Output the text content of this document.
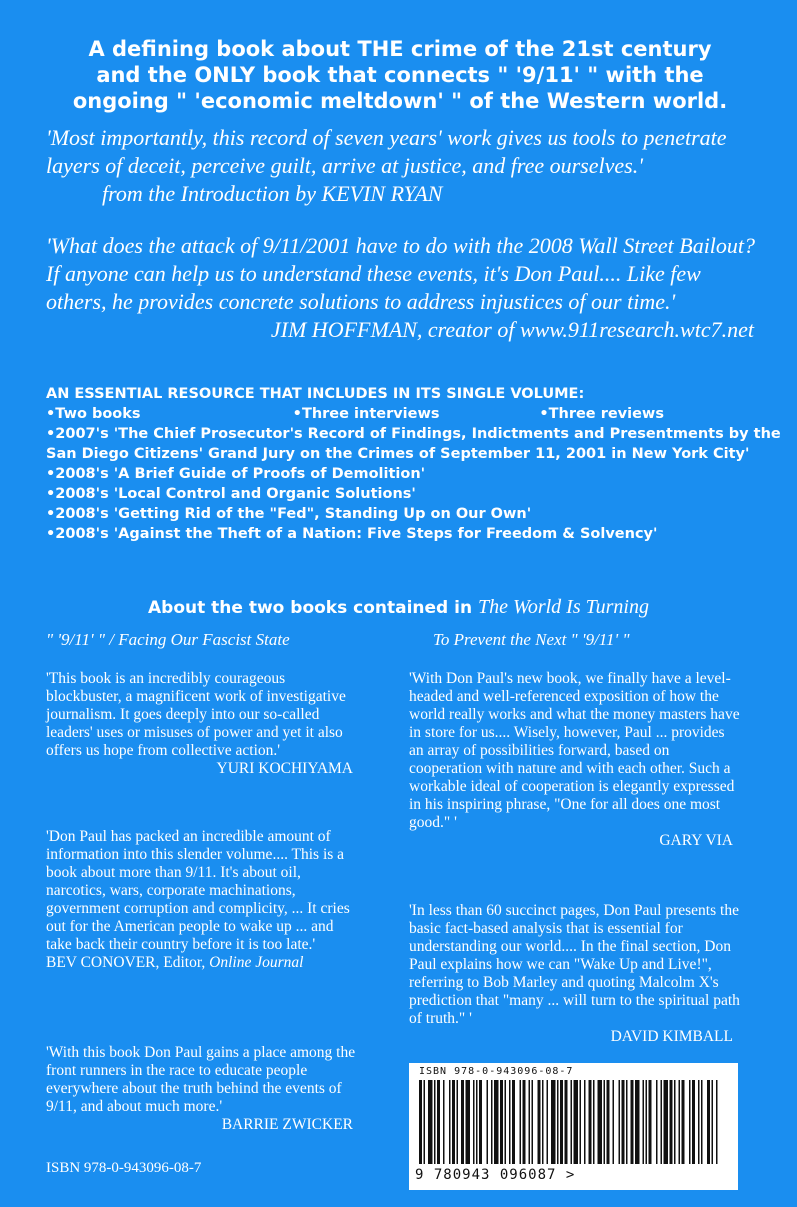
A defining book about THE crime of the 21st century
and the ONLY book that connects " '9/11' " with the
ongoing " 'economic meltdown' " of the Western world.
'Most importantly, this record of seven years' work gives us tools to penetrate layers of deceit, perceive guilt, arrive at justice, and free ourselves.'from the Introduction by KEVIN RYAN
'What does the attack of 9/11/2001 have to do with the 2008 Wall Street Bailout? If anyone can help us to understand these events, it's Don Paul.... Like few others, he provides concrete solutions to address injustices of our time.'
JIM HOFFMAN, creator of www.911research.wtc7.net
AN ESSENTIAL RESOURCE THAT INCLUDES IN ITS SINGLE VOLUME:
•Two books	•Three interviews	•Three reviews
•2007's 'The Chief Prosecutor's Record of Findings, Indictments and Presentments by the San Diego Citizens' Grand Jury on the Crimes of September 11, 2001 in New York City'
•2008's 'A Brief Guide of Proofs of Demolition'
•2008's 'Local Control and Organic Solutions'
•2008's 'Getting Rid of the "Fed", Standing Up on Our Own'
•2008's 'Against the Theft of a Nation: Five Steps for Freedom & Solvency'
About the two books contained in The World Is Turning
" '9/11' " / Facing Our Fascist State	To Prevent the Next " '9/11' "
'This book is an incredibly courageous blockbuster, a magnificent work of investigative journalism. It goes deeply into our so-called leaders' uses or misuses of power and yet it also offers us hope from collective action.'
YURI KOCHIYAMA
'Don Paul has packed an incredible amount of information into this slender volume.... This is a book about more than 9/11. It's about oil, narcotics, wars, corporate machinations, government corruption and complicity, ... It cries out for the American people to wake up ... and take back their country before it is too late.'
BEV CONOVER, Editor, Online Journal
'With this book Don Paul gains a place among the front runners in the race to educate people everywhere about the truth behind the events of 9/11, and about much more.'
BARRIE ZWICKER
'With Don Paul's new book, we finally have a level-headed and well-referenced exposition of how the world really works and what the money masters have in store for us.... Wisely, however, Paul ... provides an array of possibilities forward, based on cooperation with nature and with each other. Such a workable ideal of cooperation is elegantly expressed in his inspiring phrase, "One for all does one most good." '
GARY VIA
'In less than 60 succinct pages, Don Paul presents the basic fact-based analysis that is essential for understanding our world.... In the final section, Don Paul explains how we can "Wake Up and Live!", referring to Bob Marley and quoting Malcolm X's prediction that "many ... will turn to the spiritual path of truth." '
DAVID KIMBALL
ISBN 978-0-943096-08-7
ISBN 978-0-943096-08-7
9 780943 096087 >
